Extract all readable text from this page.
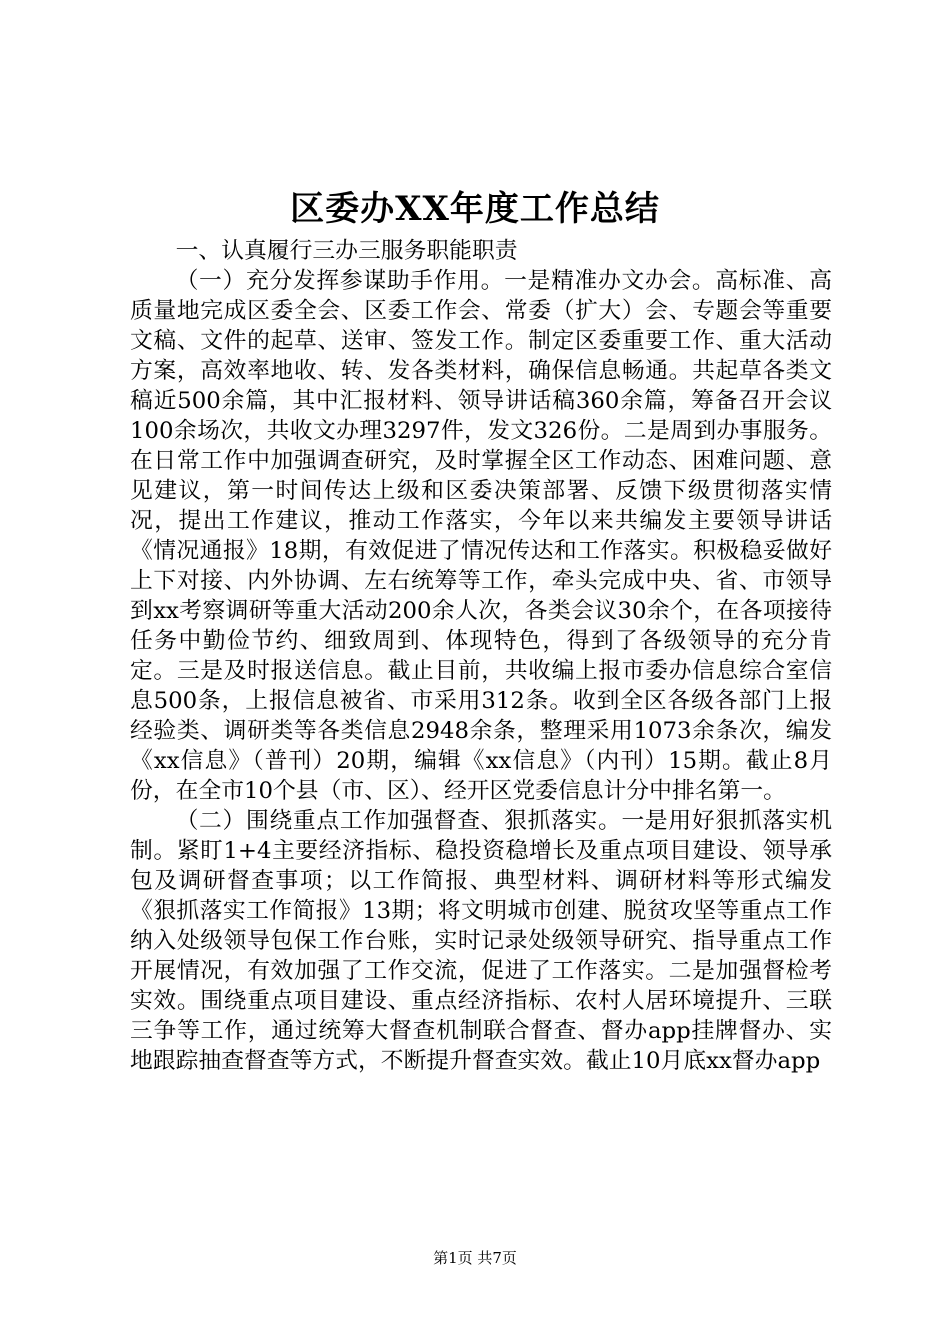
区委办XX年度工作总结

一、认真履行三办三服务职能职责

（一）充分发挥参谋助手作用。一是精准办文办会。高标准、高质量地完成区委全会、区委工作会、常委（扩大）会、专题会等重要文稿、文件的起草、送审、签发工作。制定区委重要工作、重大活动方案，高效率地收、转、发各类材料，确保信息畅通。共起草各类文稿近500余篇，其中汇报材料、领导讲话稿360余篇，筹备召开会议100余场次，共收文办理3297件，发文326份。二是周到办事服务。在日常工作中加强调查研究，及时掌握全区工作动态、困难问题、意见建议，第一时间传达上级和区委决策部署、反馈下级贯彻落实情况，提出工作建议，推动工作落实，今年以来共编发主要领导讲话《情况通报》18期，有效促进了情况传达和工作落实。积极稳妥做好上下对接、内外协调、左右统筹等工作，牵头完成中央、省、市领导到xx考察调研等重大活动200余人次，各类会议30余个，在各项接待任务中勤俭节约、细致周到、体现特色，得到了各级领导的充分肯定。三是及时报送信息。截止目前，共收编上报市委办信息综合室信息500条，上报信息被省、市采用312条。收到全区各级各部门上报经验类、调研类等各类信息2948余条，整理采用1073余条次，编发《xx信息》（普刊）20期，编辑《xx信息》（内刊）15期。截止8月份，在全市10个县（市、区）、经开区党委信息计分中排名第一。

（二）围绕重点工作加强督查、狠抓落实。一是用好狠抓落实机制。紧盯1+4主要经济指标、稳投资稳增长及重点项目建设、领导承包及调研督查事项；以工作简报、典型材料、调研材料等形式编发《狠抓落实工作简报》13期；将文明城市创建、脱贫攻坚等重点工作纳入处级领导包保工作台账，实时记录处级领导研究、指导重点工作开展情况，有效加强了工作交流，促进了工作落实。二是加强督检考实效。围绕重点项目建设、重点经济指标、农村人居环境提升、三联三争等工作，通过统筹大督查机制联合督查、督办app挂牌督办、实地跟踪抽查督查等方式，不断提升督查实效。截止10月底xx督办app

第1页 共7页
